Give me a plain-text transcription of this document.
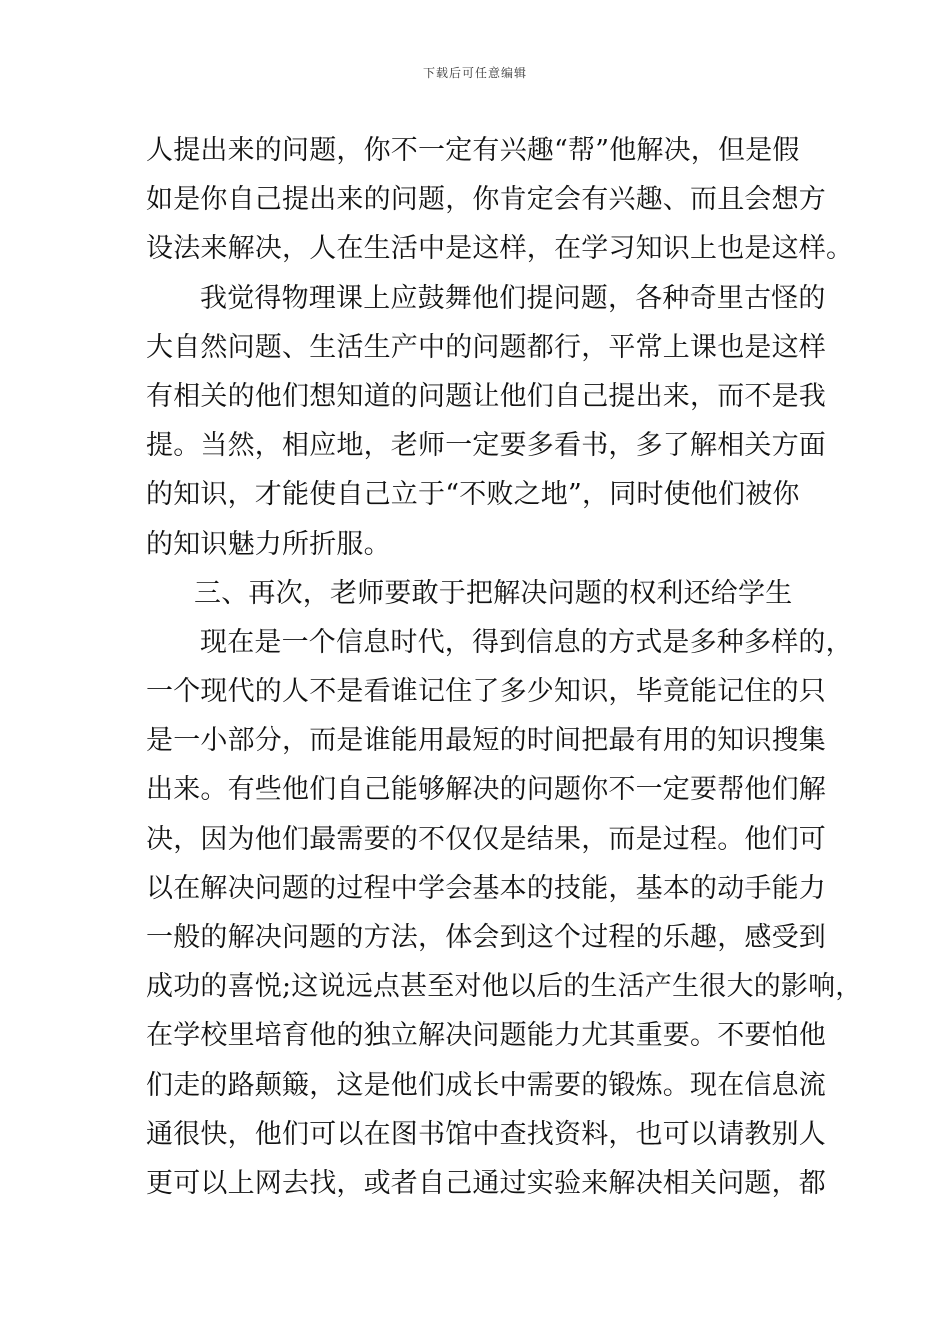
下载后可任意编辑
人提出来的问题，你不一定有兴趣“帮”他解决，但是假
如是你自己提出来的问题，你肯定会有兴趣、而且会想方
设法来解决，人在生活中是这样，在学习知识上也是这样。
我觉得物理课上应鼓舞他们提问题，各种奇里古怪的
大自然问题、生活生产中的问题都行，平常上课也是这样
有相关的他们想知道的问题让他们自己提出来，而不是我
提。当然，相应地，老师一定要多看书，多了解相关方面
的知识，才能使自己立于“不败之地”，同时使他们被你
的知识魅力所折服。
三、再次，老师要敢于把解决问题的权利还给学生
现在是一个信息时代，得到信息的方式是多种多样的，
一个现代的人不是看谁记住了多少知识，毕竟能记住的只
是一小部分，而是谁能用最短的时间把最有用的知识搜集
出来。有些他们自己能够解决的问题你不一定要帮他们解
决，因为他们最需要的不仅仅是结果，而是过程。他们可
以在解决问题的过程中学会基本的技能，基本的动手能力
一般的解决问题的方法，体会到这个过程的乐趣，感受到
成功的喜悦;这说远点甚至对他以后的生活产生很大的影响，
在学校里培育他的独立解决问题能力尤其重要。不要怕他
们走的路颠簸，这是他们成长中需要的锻炼。现在信息流
通很快，他们可以在图书馆中查找资料，也可以请教别人
更可以上网去找，或者自己通过实验来解决相关问题，都
